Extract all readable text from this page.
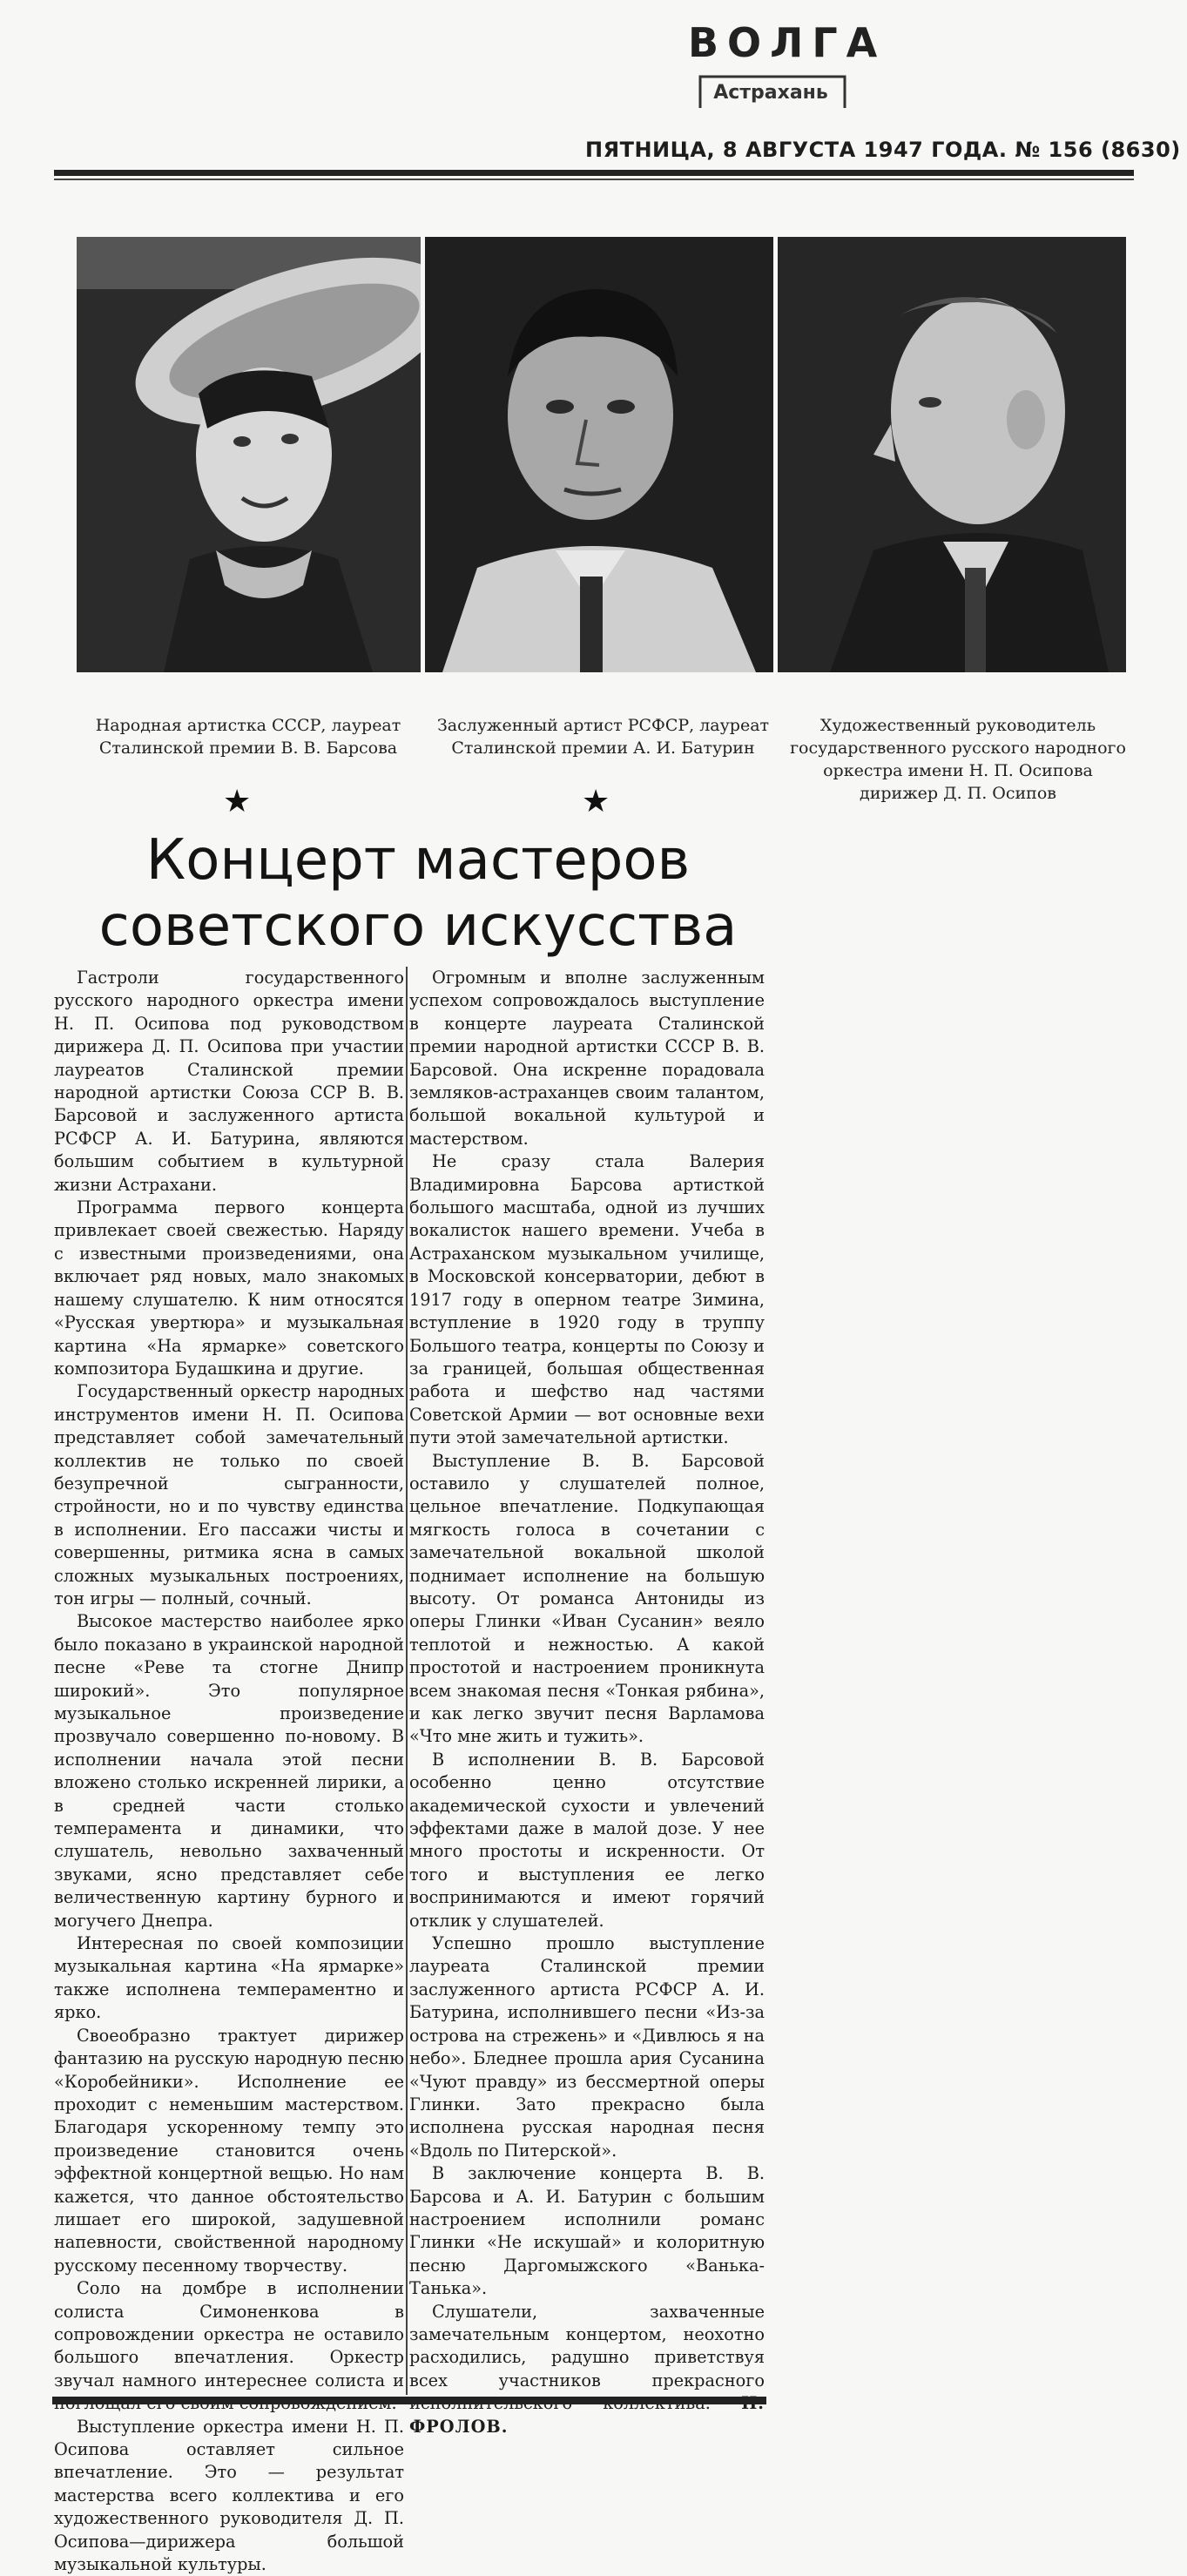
ВОЛГА
Астрахань
ПЯТНИЦА, 8 АВГУСТА 1947 ГОДА. № 156 (8630)
Народная артистка СССР, лауреат Сталинской премии В. В. Барсова
Заслуженный артист РСФСР, лауреат Сталинской премии А. И. Батурин
Художественный руководитель государственного русского народного оркестра имени Н. П. Осипова дирижер Д. П. Осипов
★	★
Концерт мастеров
советского искусства

Гастроли государственного русского народного оркестра имени Н. П. Осипова под руководством дирижера Д. П. Осипова при участии лауреатов Сталинской премии народной артистки Союза ССР В. В. Барсовой и заслуженного артиста РСФСР А. И. Батурина, являются большим событием в культурной жизни Астрахани.

Программа первого концерта привлекает своей свежестью. Наряду с известными произведениями, она включает ряд новых, мало знакомых нашему слушателю. К ним относятся «Русская увертюра» и музыкальная картина «На ярмарке» советского композитора Будашкина и другие.

Государственный оркестр народных инструментов имени Н. П. Осипова представляет собой замечательный коллектив не только по своей безупречной сыгранности, стройности, но и по чувству единства в исполнении. Его пассажи чисты и совершенны, ритмика ясна в самых сложных музыкальных построениях, тон игры — полный, сочный.

Высокое мастерство наиболее ярко было показано в украинской народной песне «Реве та стогне Днипр широкий». Это популярное музыкальное произведение прозвучало совершенно по-новому. В исполнении начала этой песни вложено столько искренней лирики, а в средней части столько темперамента и динамики, что слушатель, невольно захваченный звуками, ясно представляет себе величественную картину бурного и могучего Днепра.

Интересная по своей композиции музыкальная картина «На ярмарке» также исполнена темпераментно и ярко.

Своеобразно трактует дирижер фантазию на русскую народную песню «Коробейники». Исполнение ее проходит с неменьшим мастерством. Благодаря ускоренному темпу это произведение становится очень эффектной концертной вещью. Но нам кажется, что данное обстоятельство лишает его широкой, задушевной напевности, свойственной народному русскому песенному творчеству.

Соло на домбре в исполнении солиста Симоненкова в сопровождении оркестра не оставило большого впечатления. Оркестр звучал намного интереснее солиста и

Выступление оркестра имени Н. П. Осипова оставляет сильное впечатление. Это — результат мастерства всего коллектива и его художественного руководителя Д. П. Осипова—дирижера большой музыкальной культуры.

Огромным и вполне заслуженным успехом сопровождалось выступление в концерте лауреата Сталинской премии народной артистки СССР В. В. Барсовой. Она искренне порадовала земляков-астраханцев своим талантом, большой вокальной культурой и мастерством.

Не сразу стала Валерия Владимировна Барсова артисткой большого масштаба, одной из лучших вокалисток нашего времени. Учеба в Астраханском музыкальном училище, в Московской консерватории, дебют в 1917 году в оперном театре Зимина, вступление в 1920 году в труппу Большого театра, концерты по Союзу и за границей, большая общественная работа и шефство над частями Советской Армии — вот основные вехи пути этой замечательной артистки.

Выступление В. В. Барсовой оставило у слушателей полное, цельное впечатление. Подкупающая мягкость голоса в сочетании с замечательной вокальной школой поднимает исполнение на большую высоту. От романса Антониды из оперы Глинки «Иван Сусанин» веяло теплотой и нежностью. А какой простотой и настроением проникнута всем знакомая песня «Тонкая рябина», и как легко звучит песня Варламова «Что мне жить и тужить».

В исполнении В. В. Барсовой особенно ценно отсутствие академической сухости и увлечений эффектами даже в малой дозе. У нее много простоты и искренности. От того и выступления ее легко воспринимаются и имеют горячий отклик у слушателей.

Успешно прошло выступление лауреата Сталинской премии заслуженного артиста РСФСР А. И. Батурина, исполнившего песни «Из-за острова на стрежень» и «Дивлюсь я на небо». Бледнее прошла ария Сусанина «Чуют правду» из бессмертной оперы Глинки. Зато прекрасно была исполнена русская народная песня «Вдоль по Питерской».

В заключение концерта В. В. Барсова и А. И. Батурин с большим настроением исполнили романс Глинки «Не искушай» и колоритную песню Даргомыжского «Ванька-Танька».

Слушатели, захваченные замечательным концертом, неохотно расходились, радушно приветствуя всех участников прекрасного ФРОЛОВ.
